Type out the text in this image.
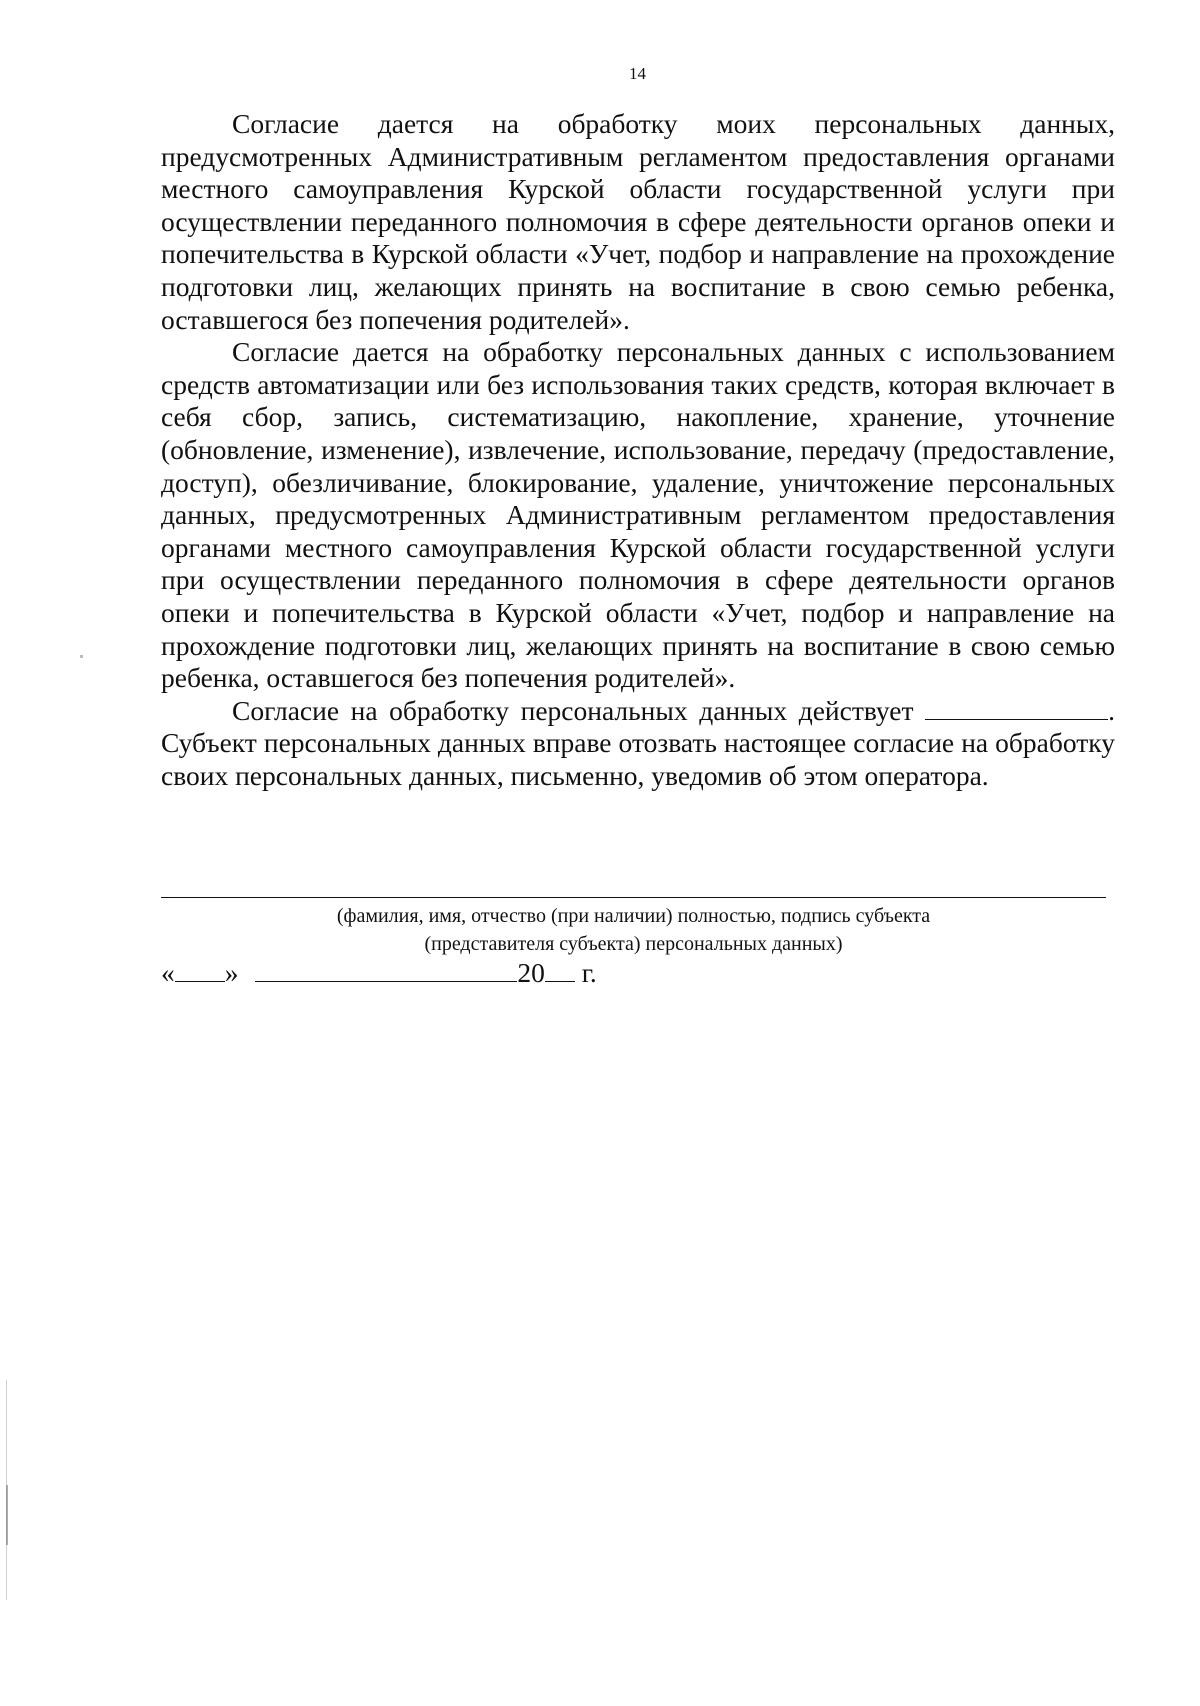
14

Согласие дается на обработку моих персональных данных, предусмотренных Административным регламентом предоставления органами местного самоуправления Курской области государственной услуги при осуществлении переданного полномочия в сфере деятельности органов опеки и попечительства в Курской области «Учет, подбор и направление на прохождение подготовки лиц, желающих принять на воспитание в свою семью ребенка, оставшегося без попечения родителей».

Согласие дается на обработку персональных данных с использованием средств автоматизации или без использования таких средств, которая включает в себя сбор, запись, систематизацию, накопление, хранение, уточнение (обновление, изменение), извлечение, использование, передачу (предоставление, доступ), обезличивание, блокирование, удаление, уничтожение персональных данных, предусмотренных Административным регламентом предоставления органами местного самоуправления Курской области государственной услуги при осуществлении переданного полномочия в сфере деятельности органов опеки и попечительства в Курской области «Учет, подбор и направление на прохождение подготовки лиц, желающих принять на воспитание в свою семью ребенка, оставшегося без попечения родителей».

Согласие на обработку персональных данных действует	. Субъект персональных данных вправе отозвать настоящее согласие на обработку своих персональных данных, письменно, уведомив об этом оператора.

(фамилия, имя, отчество (при наличии) полностью, подпись субъекта
(представителя субъекта) персональных данных)
« »	20 г.
